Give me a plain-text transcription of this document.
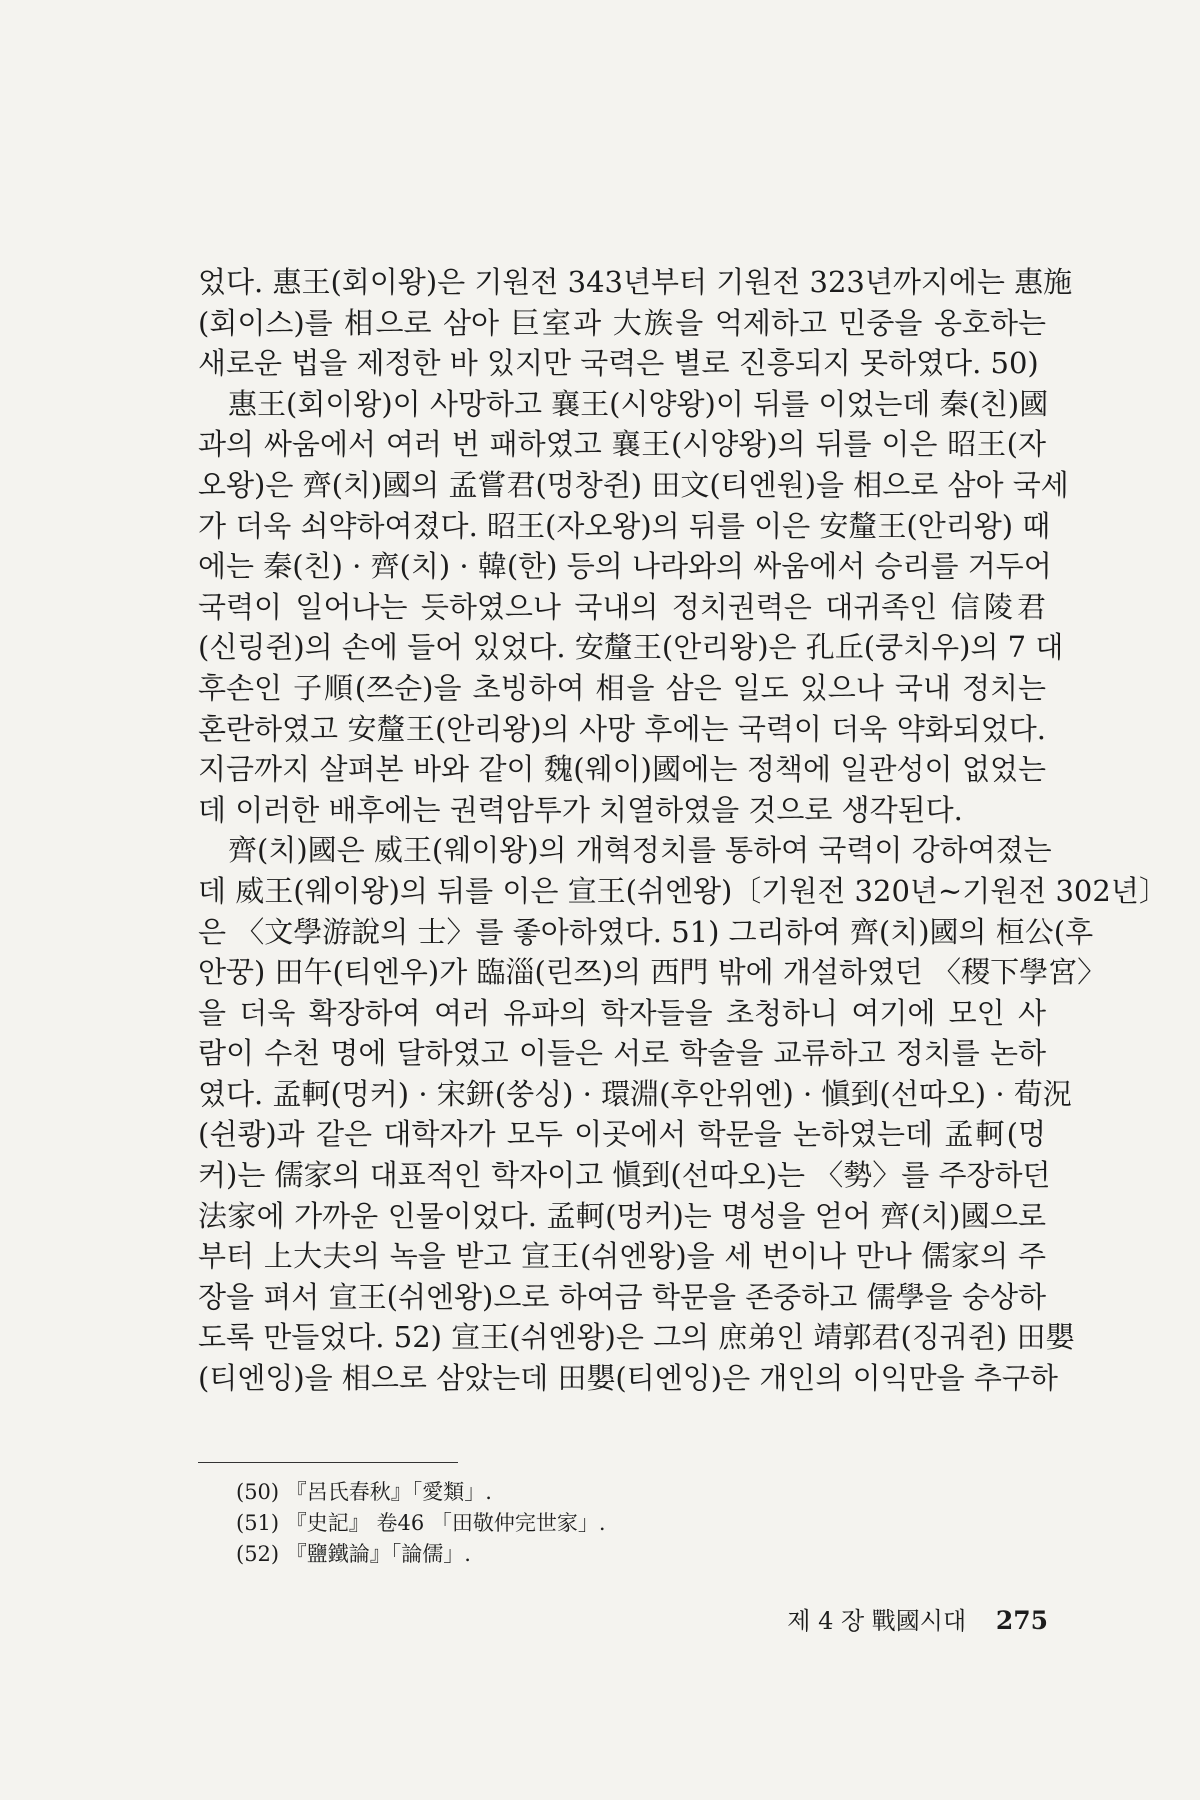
었다. 惠王(회이왕)은 기원전 343년부터 기원전 323년까지에는 惠施
(회이스)를 相으로 삼아 巨室과 大族을 억제하고 민중을 옹호하는
새로운 법을 제정한 바 있지만 국력은 별로 진흥되지 못하였다. 50)
惠王(회이왕)이 사망하고 襄王(시양왕)이 뒤를 이었는데 秦(친)國
과의 싸움에서 여러 번 패하였고 襄王(시양왕)의 뒤를 이은 昭王(자
오왕)은 齊(치)國의 孟嘗君(멍창쥔) 田文(티엔원)을 相으로 삼아 국세
가 더욱 쇠약하여졌다. 昭王(자오왕)의 뒤를 이은 安釐王(안리왕) 때
에는 秦(친) · 齊(치) · 韓(한) 등의 나라와의 싸움에서 승리를 거두어
국력이 일어나는 듯하였으나 국내의 정치권력은 대귀족인 信陵君
(신링쥔)의 손에 들어 있었다. 安釐王(안리왕)은 孔丘(쿵치우)의 7 대
후손인 子順(쯔순)을 초빙하여 相을 삼은 일도 있으나 국내 정치는
혼란하였고 安釐王(안리왕)의 사망 후에는 국력이 더욱 약화되었다.
지금까지 살펴본 바와 같이 魏(웨이)國에는 정책에 일관성이 없었는
데 이러한 배후에는 권력암투가 치열하였을 것으로 생각된다.
齊(치)國은 威王(웨이왕)의 개혁정치를 통하여 국력이 강하여졌는
데 威王(웨이왕)의 뒤를 이은 宣王(쉬엔왕)〔기원전 320년~기원전 302년〕
은 〈文學游說의 士〉를 좋아하였다. 51) 그리하여 齊(치)國의 桓公(후
안꿍) 田午(티엔우)가 臨淄(린쯔)의 西門 밖에 개설하였던 〈稷下學宮〉
을 더욱 확장하여 여러 유파의 학자들을 초청하니 여기에 모인 사
람이 수천 명에 달하였고 이들은 서로 학술을 교류하고 정치를 논하
였다. 孟軻(멍커) · 宋鈃(쑹싱) · 環淵(후안위엔) · 愼到(선따오) · 荀況
(쉰쾅)과 같은 대학자가 모두 이곳에서 학문을 논하였는데 孟軻(멍
커)는 儒家의 대표적인 학자이고 愼到(선따오)는 〈勢〉를 주장하던
法家에 가까운 인물이었다. 孟軻(멍커)는 명성을 얻어 齊(치)國으로
부터 上大夫의 녹을 받고 宣王(쉬엔왕)을 세 번이나 만나 儒家의 주
장을 펴서 宣王(쉬엔왕)으로 하여금 학문을 존중하고 儒學을 숭상하
도록 만들었다. 52) 宣王(쉬엔왕)은 그의 庶弟인 靖郭君(징궈쥔) 田嬰
(티엔잉)을 相으로 삼았는데 田嬰(티엔잉)은 개인의 이익만을 추구하
(50) 『呂氏春秋』「愛類」.
(51) 『史記』 卷46 「田敬仲完世家」.
(52) 『鹽鐵論』「論儒」.
제 4 장 戰國시대 275
